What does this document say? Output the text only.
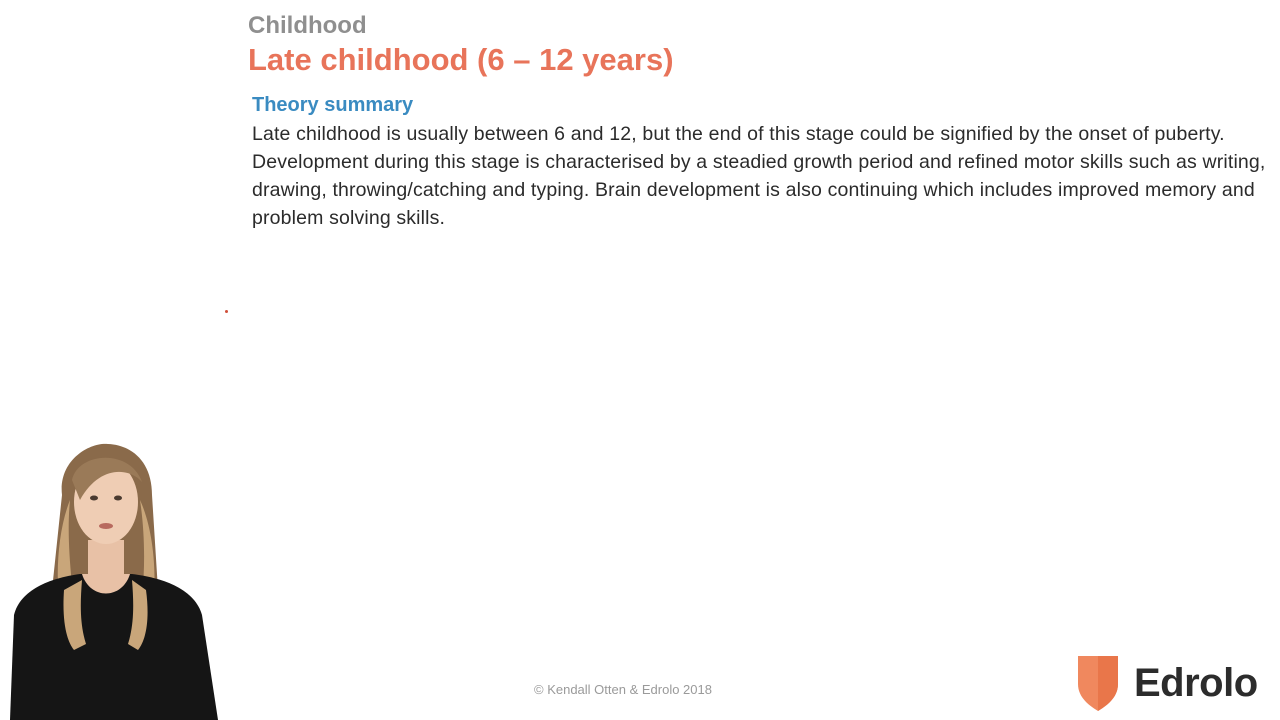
Childhood
Late childhood (6 – 12 years)
Theory summary
Late childhood is usually between 6 and 12, but the end of this stage could be signified by the onset of puberty. Development during this stage is characterised by a steadied growth period and refined motor skills such as writing, drawing, throwing/catching and typing. Brain development is also continuing which includes improved memory and problem solving skills.
© Kendall Otten & Edrolo 2018	Edrolo
